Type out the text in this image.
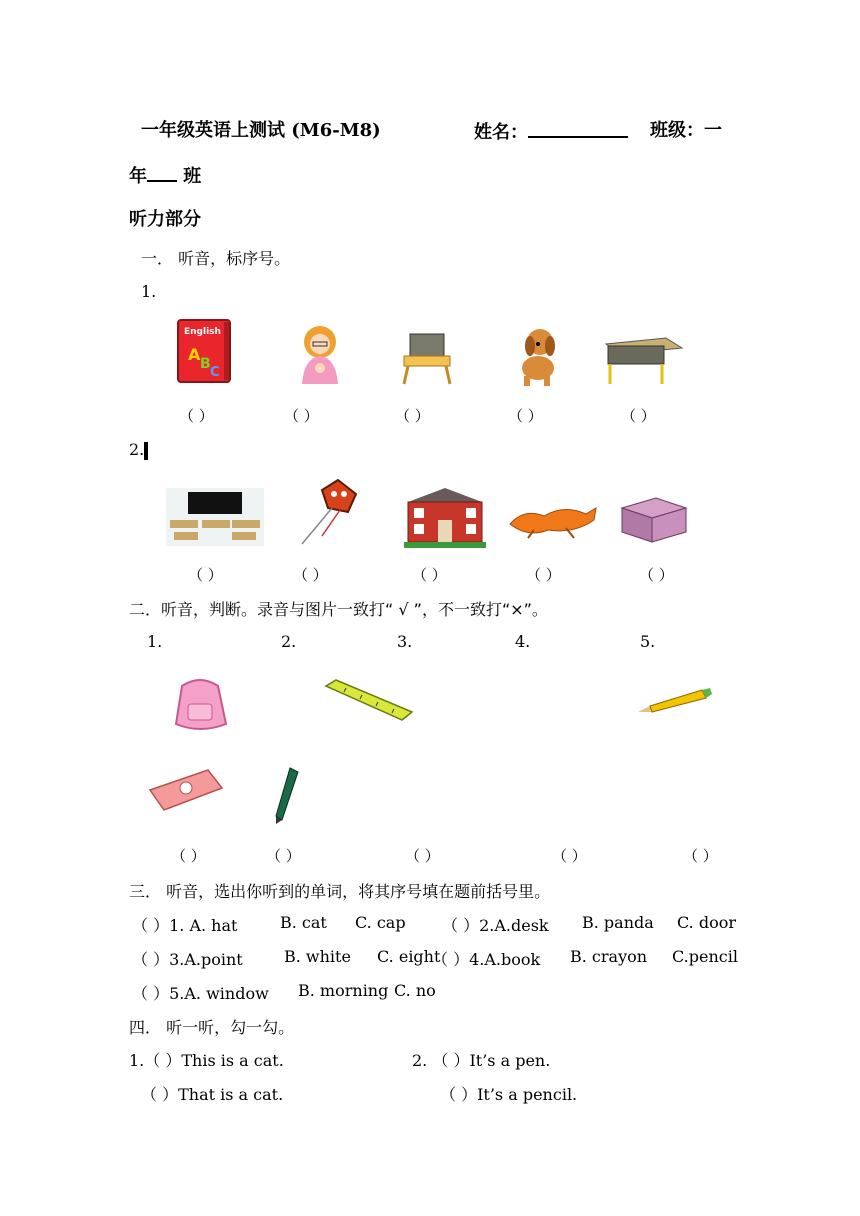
一年级英语上测试 (M6-M8)	姓名：	班级：一
年 班
听力部分
一． 听音，标序号。
1.
English
A B
C
（ ）	（ ）	（ ）	（ ）	（ ）
2.
（ ）	（ ）	（ ）	（ ）	（ ）
二．听音，判断。录音与图片一致打“ √ ”，不一致打“×”。
1.	2.	3.	4.	5.
（ ）	（ ）	（ ）	（ ）	（ ）
三． 听音，选出你听到的单词，将其序号填在题前括号里。
（ ）1. A. hat	B. cat C. cap （ ）2.A.desk B. panda C. door
（ ）3.A.point	B. white C. eight
（ ）4.A.book B. crayon C.pencil
（ ）5.A. window B. morning C. no
四． 听一听，勾一勾。
1.（ ）This is a cat.
（ ）That is a cat.
2. （ ）It’s a pen.
（ ）It’s a pencil.
